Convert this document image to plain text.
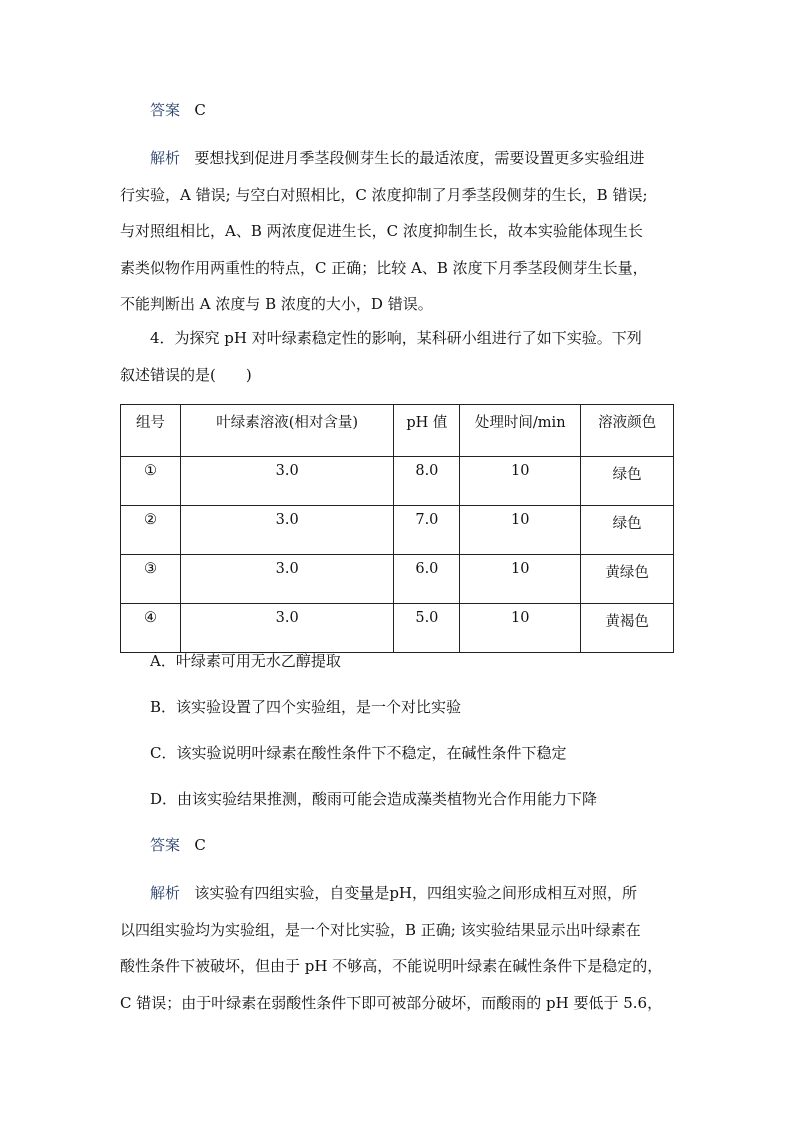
答案 C
解析 要想找到促进月季茎段侧芽生长的最适浓度，需要设置更多实验组进
行实验，A 错误; 与空白对照相比，C 浓度抑制了月季茎段侧芽的生长，B 错误;
与对照组相比，A、B 两浓度促进生长，C 浓度抑制生长，故本实验能体现生长
素类似物作用两重性的特点，C 正确；比较 A、B 浓度下月季茎段侧芽生长量，
不能判断出 A 浓度与 B 浓度的大小，D 错误。
4．为探究 pH 对叶绿素稳定性的影响，某科研小组进行了如下实验。下列
叙述错误的是(　　)
组号	叶绿素溶液(相对含量)	pH 值	处理时间/min	溶液颜色
①	3.0	8.0	10	绿色
②	3.0	7.0	10	绿色
③	3.0	6.0	10	黄绿色
④	3.0	5.0	10	黄褐色
A．叶绿素可用无水乙醇提取
B．该实验设置了四个实验组，是一个对比实验
C．该实验说明叶绿素在酸性条件下不稳定，在碱性条件下稳定
D．由该实验结果推测，酸雨可能会造成藻类植物光合作用能力下降
答案 C
解析 该实验有四组实验，自变量是pH，四组实验之间形成相互对照，所
以四组实验均为实验组，是一个对比实验，B 正确; 该实验结果显示出叶绿素在
酸性条件下被破坏，但由于 pH 不够高，不能说明叶绿素在碱性条件下是稳定的，
C 错误；由于叶绿素在弱酸性条件下即可被部分破坏，而酸雨的 pH 要低于 5.6，
